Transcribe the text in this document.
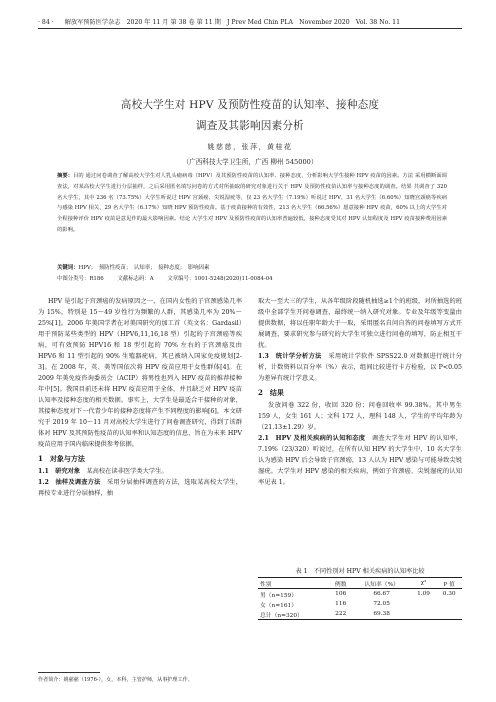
· 84 · 解放军预防医学杂志　2020 年 11 月 第 38 卷 第 11 期　J Prev Med Chin PLA　November 2020　Vol. 38 No. 11
高校大学生对 HPV 及预防性疫苗的认知率、接种态度
调查及其影响因素分析
姚慈慈，张萍，黄桂花
（广西科技大学卫生所，广西 柳州 545000）
摘要：目的 通过问卷调查了解高校大学生对人乳头瘤病毒（HPV）及其预防性疫苗的认知率、接种态度，分析影响大学生接种 HPV 疫苗的因素。方法 采用横断面调查法，对某高校大学生进行分层抽样，之后采用匿名填写问卷的方式对所抽取的研究对象进行关于 HPV 及预防性疫苗认知率与接种态度的调查。结果 共调查了 320 名大学生，其中 236 名（73.75%）大学生听说过 HPV 宫颈癌、尖锐湿疣等，仅 23 名大学生（7.19%）听说过 HPV，31 名大学生（6.60%）知晓宫颈癌等疾病与感染 HPV 相关，29 名大学生（6.17%）知晓 HPV 预防性疫苗。基于疫苗接种的有效性，213 名大学生（66.56%）愿意接种 HPV 疫苗，60% 以上的大学生对全程接种评价 HPV 疫苗是意见作的最大影响因素。结论 大学生对 HPV 及预防性疫苗的认知率普遍较低，接种态度受其对 HPV 认知程度及 HPV 疫苗接种费用因素的影响。
关键词：HPV；　预防性疫苗；　认知率；　接种态度；　影响因素
中图分类号：R186	文献标志码：A	文章编号：1001-5248(2020)11-0084-04

HPV 是引起子宫颈癌的发病原因之一，在国内女性的子宫颈感染几率为 15%，特别是 15～49 岁性行为频繁的人群，其感染几率为 20%～25%[1]。2006 年美国学者在对美国研究的加工首（英文名：Gardasil）用于预防某些类型的 HPV（HPV6,11,16,18 型）引起的子宫颈癌等疾病，可有效预防 HPV16 和 18 型引起的 70% 左右的子宫颈癌及由 HPV6 和 11 型引起的 90% 生殖器疣病，其已被纳入国家免疫规划[2-3]。在 2008 年，英、美等国依次将 HPV 疫苗应用于女性群体[4]。在 2009 年美免疫咨询委员会（ACIP）将男性也列入 HPV 疫苗的推荐接种年中[5]。我国目前还未将 HPV 疫苗应用于全体，并且缺乏对 HPV 疫苗认知率及接种态度的相关数据。事实上，大学生是最适合干接种的对象，其接种态度对下一代青少年的接种态度将产生不同程度的影响[6]，本文研究于 2019 年 10～11 月对高校大学生进行了问卷调查研究，得到了该群体对 HPV 及其预防性疫苗的认知率和认知态度的信息，旨在为未来 HPV 疫苗应用于国内临床提供参考依据。

1　对象与方法

1.1　研究对象　 某高校在读非医学类大学生。

1.2　抽样及调查方法　 采用分层抽样调查的方法，选取某高校大学生，再按专业进行分层抽样，抽

取大一至大三的学生，从各年级阶段随机抽选≥1个的班级，对所抽选的班级中全部学生开问卷调查，最终统一纳入研究对象。专业及年级等变量由提供数据，将以任职年龄大于一取，采用匿名自问自答的问卷填写方式开展调查，要求研究参与研究的大学生可独立进行问卷的填写，防止相互干扰。

1.3　统计学分析方法　 采用统计学软件 SPSS22.0 对数据进行统计分析，计数资料以百分率（%）表示，组间比较进行卡方检验，以 P<0.05 为差异有统计学意义。

2　结果

发放问卷 322 份，收回 320 份；问卷回收率 99.38%。其中男生 159 人，女生 161 人；文科 172 人，理科 148 人，学生的平均年龄为（21.13±1.29）岁。

2.1　HPV 及相关疾病的认知和态度　 调查大学生对 HPV 的认知率，7.19%（23/320）听说过，在所有认知 HPV 的大学生中，10 名大学生认为感染 HPV 后会导致子宫颈癌，13 人认为 HPV 感染与可能导致尖锐湿疣。大学生对 HPV 感染的相关疾病，例如子宫颈癌、尖锐湿疣的认知率见表 1。

表 1　不同性别对 HPV 相关疾病的认知率比较
性别	例数	认知率（%）	χ²	P 值
男（n=159）	106	66.67	1.09	0.30
女（n=161）	116	72.05		
总计（n=320）	222	69.38		
作者简介：姚慈慈（1976-），女，本科，主管护师，从事护理工作。
